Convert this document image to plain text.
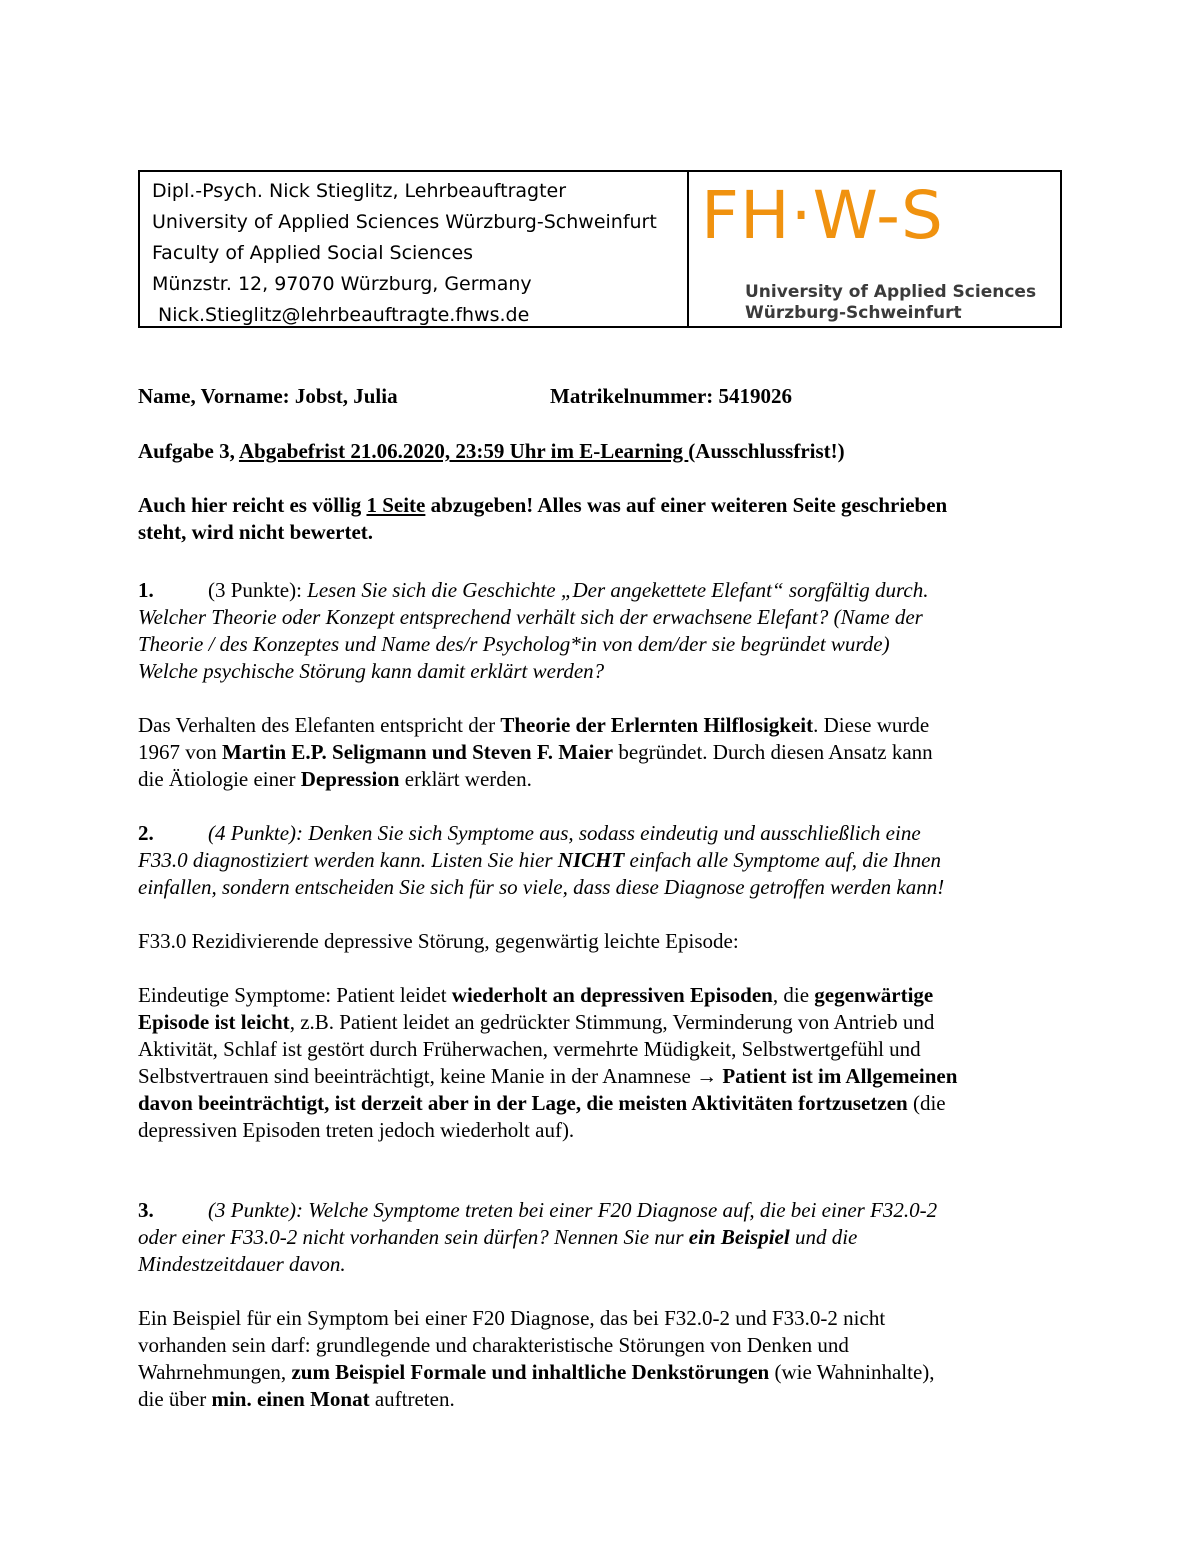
Dipl.-Psych. Nick Stieglitz, Lehrbeauftragter
University of Applied Sciences Würzburg-Schweinfurt
Faculty of Applied Social Sciences
Münzstr. 12, 97070 Würzburg, Germany
Nick.Stieglitz@lehrbeauftragte.fhws.de
FH·W-S
University of Applied Sciences
Würzburg-Schweinfurt
Name, Vorname: Jobst, Julia	Matrikelnummer: 5419026
Aufgabe 3, Abgabefrist 21.06.2020, 23:59 Uhr im E-Learning (Ausschlussfrist!)
Auch hier reicht es völlig 1 Seite abzugeben! Alles was auf einer weiteren Seite geschrieben
steht, wird nicht bewertet.
1.	(3 Punkte): Lesen Sie sich die Geschichte „Der angekettete Elefant“ sorgfältig durch.
Welcher Theorie oder Konzept entsprechend verhält sich der erwachsene Elefant? (Name der
Theorie / des Konzeptes und Name des/r Psycholog*in von dem/der sie begründet wurde)
Welche psychische Störung kann damit erklärt werden?
Das Verhalten des Elefanten entspricht der Theorie der Erlernten Hilflosigkeit. Diese wurde
1967 von Martin E.P. Seligmann und Steven F. Maier begründet. Durch diesen Ansatz kann
die Ätiologie einer Depression erklärt werden.
2.	(4 Punkte): Denken Sie sich Symptome aus, sodass eindeutig und ausschließlich eine
F33.0 diagnostiziert werden kann. Listen Sie hier NICHT einfach alle Symptome auf, die Ihnen
einfallen, sondern entscheiden Sie sich für so viele, dass diese Diagnose getroffen werden kann!
F33.0 Rezidivierende depressive Störung, gegenwärtig leichte Episode:
Eindeutige Symptome: Patient leidet wiederholt an depressiven Episoden, die gegenwärtige
Episode ist leicht, z.B. Patient leidet an gedrückter Stimmung, Verminderung von Antrieb und
Aktivität, Schlaf ist gestört durch Früherwachen, vermehrte Müdigkeit, Selbstwertgefühl und
Selbstvertrauen sind beeinträchtigt, keine Manie in der Anamnese → Patient ist im Allgemeinen
davon beeinträchtigt, ist derzeit aber in der Lage, die meisten Aktivitäten fortzusetzen (die
depressiven Episoden treten jedoch wiederholt auf).
3.	(3 Punkte): Welche Symptome treten bei einer F20 Diagnose auf, die bei einer F32.0-2
oder einer F33.0-2 nicht vorhanden sein dürfen? Nennen Sie nur ein Beispiel und die
Mindestzeitdauer davon.
Ein Beispiel für ein Symptom bei einer F20 Diagnose, das bei F32.0-2 und F33.0-2 nicht
vorhanden sein darf: grundlegende und charakteristische Störungen von Denken und
Wahrnehmungen, zum Beispiel Formale und inhaltliche Denkstörungen (wie Wahninhalte),
die über min. einen Monat auftreten.
